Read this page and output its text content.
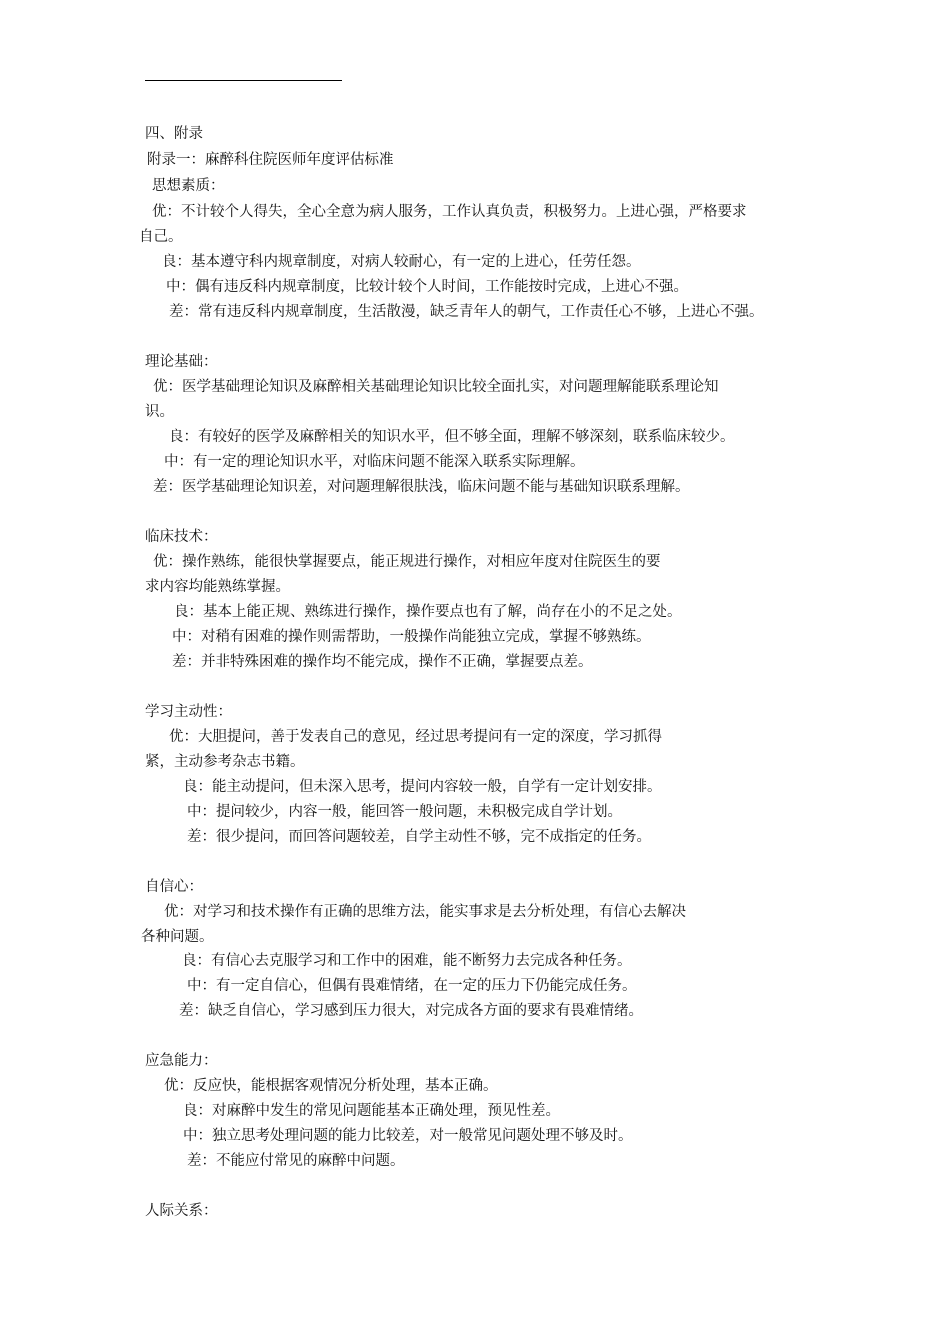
四、附录
附录一：麻醉科住院医师年度评估标准
思想素质：
优：不计较个人得失，全心全意为病人服务，工作认真负责，积极努力。上进心强，严格要求
自己。
良：基本遵守科内规章制度，对病人较耐心，有一定的上进心，任劳任怨。
中：偶有违反科内规章制度，比较计较个人时间，工作能按时完成，上进心不强。
差：常有违反科内规章制度，生活散漫，缺乏青年人的朝气，工作责任心不够，上进心不强。
理论基础：
优：医学基础理论知识及麻醉相关基础理论知识比较全面扎实，对问题理解能联系理论知
识。
良：有较好的医学及麻醉相关的知识水平，但不够全面，理解不够深刻，联系临床较少。
中：有一定的理论知识水平，对临床问题不能深入联系实际理解。
差：医学基础理论知识差，对问题理解很肤浅，临床问题不能与基础知识联系理解。
临床技术：
优：操作熟练，能很快掌握要点，能正规进行操作，对相应年度对住院医生的要
求内容均能熟练掌握。
良：基本上能正规、熟练进行操作，操作要点也有了解，尚存在小的不足之处。
中：对稍有困难的操作则需帮助，一般操作尚能独立完成，掌握不够熟练。
差：并非特殊困难的操作均不能完成，操作不正确，掌握要点差。
学习主动性：
优：大胆提问，善于发表自己的意见，经过思考提问有一定的深度，学习抓得
紧，主动参考杂志书籍。
良：能主动提问，但未深入思考，提问内容较一般，自学有一定计划安排。
中：提问较少，内容一般，能回答一般问题，未积极完成自学计划。
差：很少提问，而回答问题较差，自学主动性不够，完不成指定的任务。
自信心：
优：对学习和技术操作有正确的思维方法，能实事求是去分析处理，有信心去解决
各种问题。
良：有信心去克服学习和工作中的困难，能不断努力去完成各种任务。
中：有一定自信心，但偶有畏难情绪，在一定的压力下仍能完成任务。
差：缺乏自信心，学习感到压力很大，对完成各方面的要求有畏难情绪。
应急能力：
优：反应快，能根据客观情况分析处理，基本正确。
良：对麻醉中发生的常见问题能基本正确处理，预见性差。
中：独立思考处理问题的能力比较差，对一般常见问题处理不够及时。
差：不能应付常见的麻醉中问题。
人际关系：
